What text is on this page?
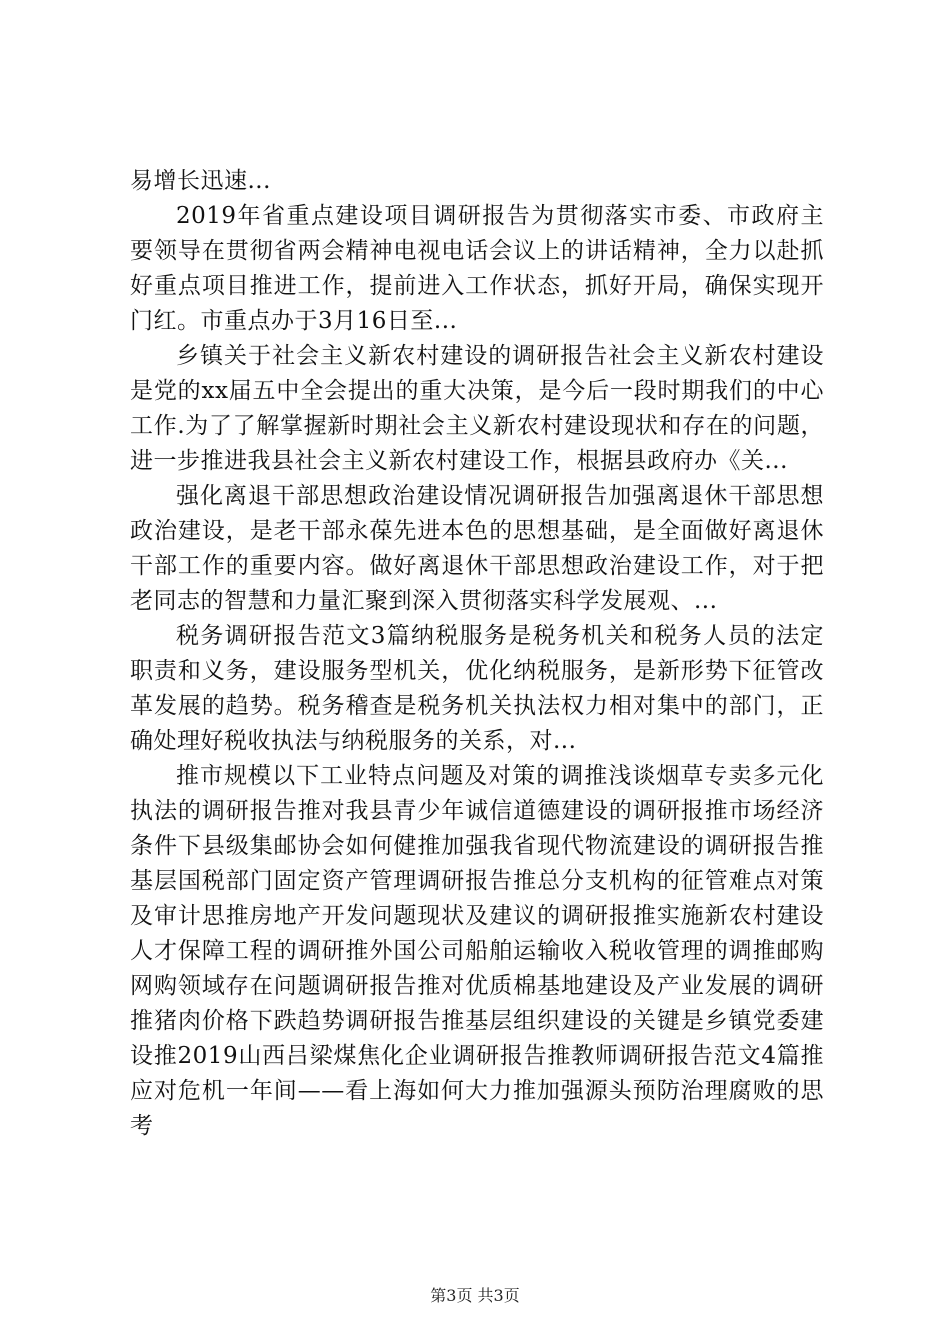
易增长迅速...

2019年省重点建设项目调研报告为贯彻落实市委、市政府主要领导在贯彻省两会精神电视电话会议上的讲话精神，全力以赴抓好重点项目推进工作，提前进入工作状态，抓好开局，确保实现开门红。市重点办于3月16日至...

乡镇关于社会主义新农村建设的调研报告社会主义新农村建设是党的xx届五中全会提出的重大决策，是今后一段时期我们的中心工作.为了了解掌握新时期社会主义新农村建设现状和存在的问题，进一步推进我县社会主义新农村建设工作，根据县政府办《关...

强化离退干部思想政治建设情况调研报告加强离退休干部思想政治建设，是老干部永葆先进本色的思想基础，是全面做好离退休干部工作的重要内容。做好离退休干部思想政治建设工作，对于把老同志的智慧和力量汇聚到深入贯彻落实科学发展观、...

税务调研报告范文3篇纳税服务是税务机关和税务人员的法定职责和义务，建设服务型机关，优化纳税服务，是新形势下征管改革发展的趋势。税务稽查是税务机关执法权力相对集中的部门，正确处理好税收执法与纳税服务的关系，对...

推市规模以下工业特点问题及对策的调推浅谈烟草专卖多元化执法的调研报告推对我县青少年诚信道德建设的调研报推市场经济条件下县级集邮协会如何健推加强我省现代物流建设的调研报告推基层国税部门固定资产管理调研报告推总分支机构的征管难点对策及审计思推房地产开发问题现状及建议的调研报推实施新农村建设人才保障工程的调研推外国公司船舶运输收入税收管理的调推邮购网购领域存在问题调研报告推对优质棉基地建设及产业发展的调研推猪肉价格下跌趋势调研报告推基层组织建设的关键是乡镇党委建设推2019山西吕梁煤焦化企业调研报告推教师调研报告范文4篇推应对危机一年间——看上海如何大力推加强源头预防治理腐败的思考

第3页 共3页
